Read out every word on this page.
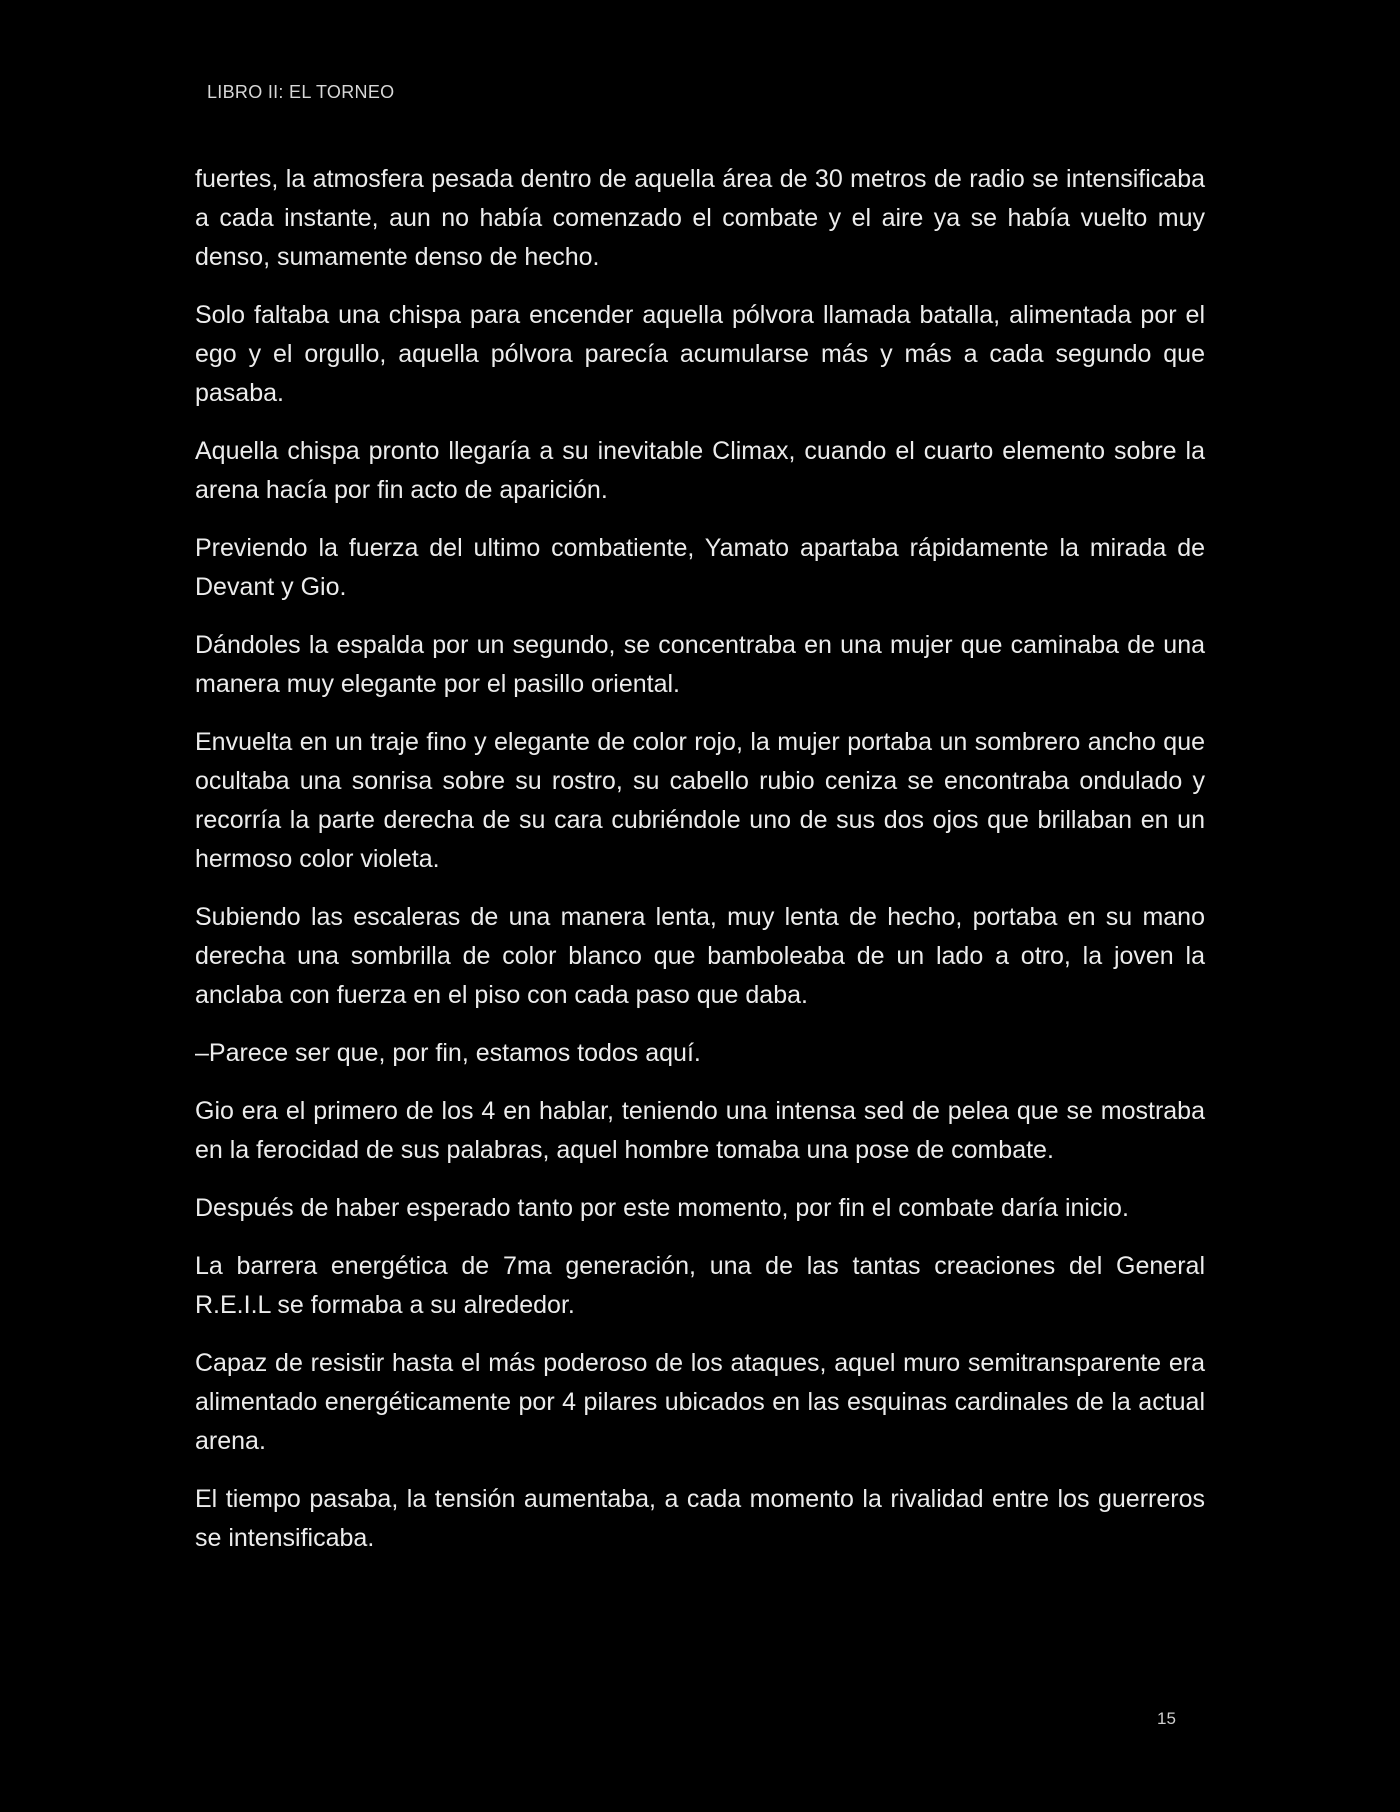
LIBRO II: EL TORNEO

fuertes, la atmosfera pesada dentro de aquella área de 30 metros de radio se intensificaba a cada instante, aun no había comenzado el combate y el aire ya se había vuelto muy denso, sumamente denso de hecho.

Solo faltaba una chispa para encender aquella pólvora llamada batalla, alimentada por el ego y el orgullo, aquella pólvora parecía acumularse más y más a cada segundo que pasaba.

Aquella chispa pronto llegaría a su inevitable Climax, cuando el cuarto elemento sobre la arena hacía por fin acto de aparición.

Previendo la fuerza del ultimo combatiente, Yamato apartaba rápidamente la mirada de Devant y Gio.

Dándoles la espalda por un segundo, se concentraba en una mujer que caminaba de una manera muy elegante por el pasillo oriental.

Envuelta en un traje fino y elegante de color rojo, la mujer portaba un sombrero ancho que ocultaba una sonrisa sobre su rostro, su cabello rubio ceniza se encontraba ondulado y recorría la parte derecha de su cara cubriéndole uno de sus dos ojos que brillaban en un hermoso color violeta.

Subiendo las escaleras de una manera lenta, muy lenta de hecho, portaba en su mano derecha una sombrilla de color blanco que bamboleaba de un lado a otro, la joven la anclaba con fuerza en el piso con cada paso que daba.

–Parece ser que, por fin, estamos todos aquí.

Gio era el primero de los 4 en hablar, teniendo una intensa sed de pelea que se mostraba en la ferocidad de sus palabras, aquel hombre tomaba una pose de combate.

Después de haber esperado tanto por este momento, por fin el combate daría inicio.

La barrera energética de 7ma generación, una de las tantas creaciones del General R.E.I.L se formaba a su alrededor.

Capaz de resistir hasta el más poderoso de los ataques, aquel muro semitransparente era alimentado energéticamente por 4 pilares ubicados en las esquinas cardinales de la actual arena.

El tiempo pasaba, la tensión aumentaba, a cada momento la rivalidad entre los guerreros se intensificaba.

15
